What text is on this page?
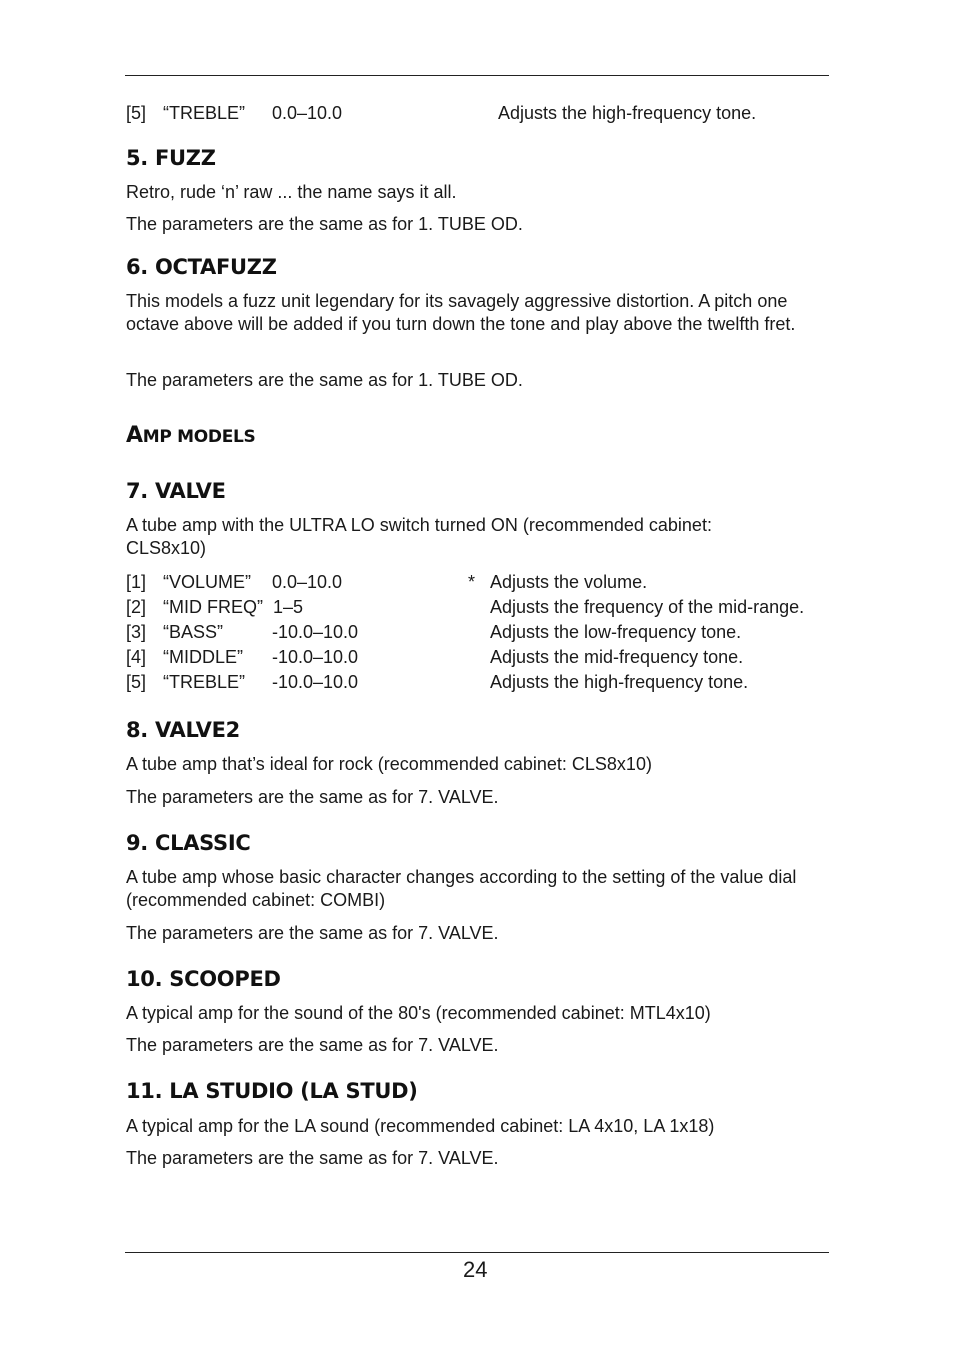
[5] “TREBLE” 0.0–10.0	Adjusts the high-frequency tone.
5. FUZZ
Retro, rude ‘n’ raw ... the name says it all.
The parameters are the same as for 1. TUBE OD.
6. OCTAFUZZ
This models a fuzz unit legendary for its savagely aggressive distortion. A pitch one octave above will be added if you turn down the tone and play above the twelfth fret.
The parameters are the same as for 1. TUBE OD.
AMP MODELS
7. VALVE
A tube amp with the ULTRA LO switch turned ON (recommended cabinet: CLS8x10)
[1] “VOLUME” 0.0–10.0	* Adjusts the volume.
[2] “MID FREQ” 1–5	Adjusts the frequency of the mid-range.
[3] “BASS”	-10.0–10.0	Adjusts the low-frequency tone.
[4] “MIDDLE” -10.0–10.0	Adjusts the mid-frequency tone.
[5] “TREBLE” -10.0–10.0	Adjusts the high-frequency tone.
8. VALVE2
A tube amp that’s ideal for rock (recommended cabinet: CLS8x10)
The parameters are the same as for 7. VALVE.
9. CLASSIC
A tube amp whose basic character changes according to the setting of the value dial (recommended cabinet: COMBI)
The parameters are the same as for 7. VALVE.
10. SCOOPED
A typical amp for the sound of the 80's (recommended cabinet: MTL4x10)
The parameters are the same as for 7. VALVE.
11. LA STUDIO (LA STUD)
A typical amp for the LA sound (recommended cabinet: LA 4x10, LA 1x18)
The parameters are the same as for 7. VALVE.
24
